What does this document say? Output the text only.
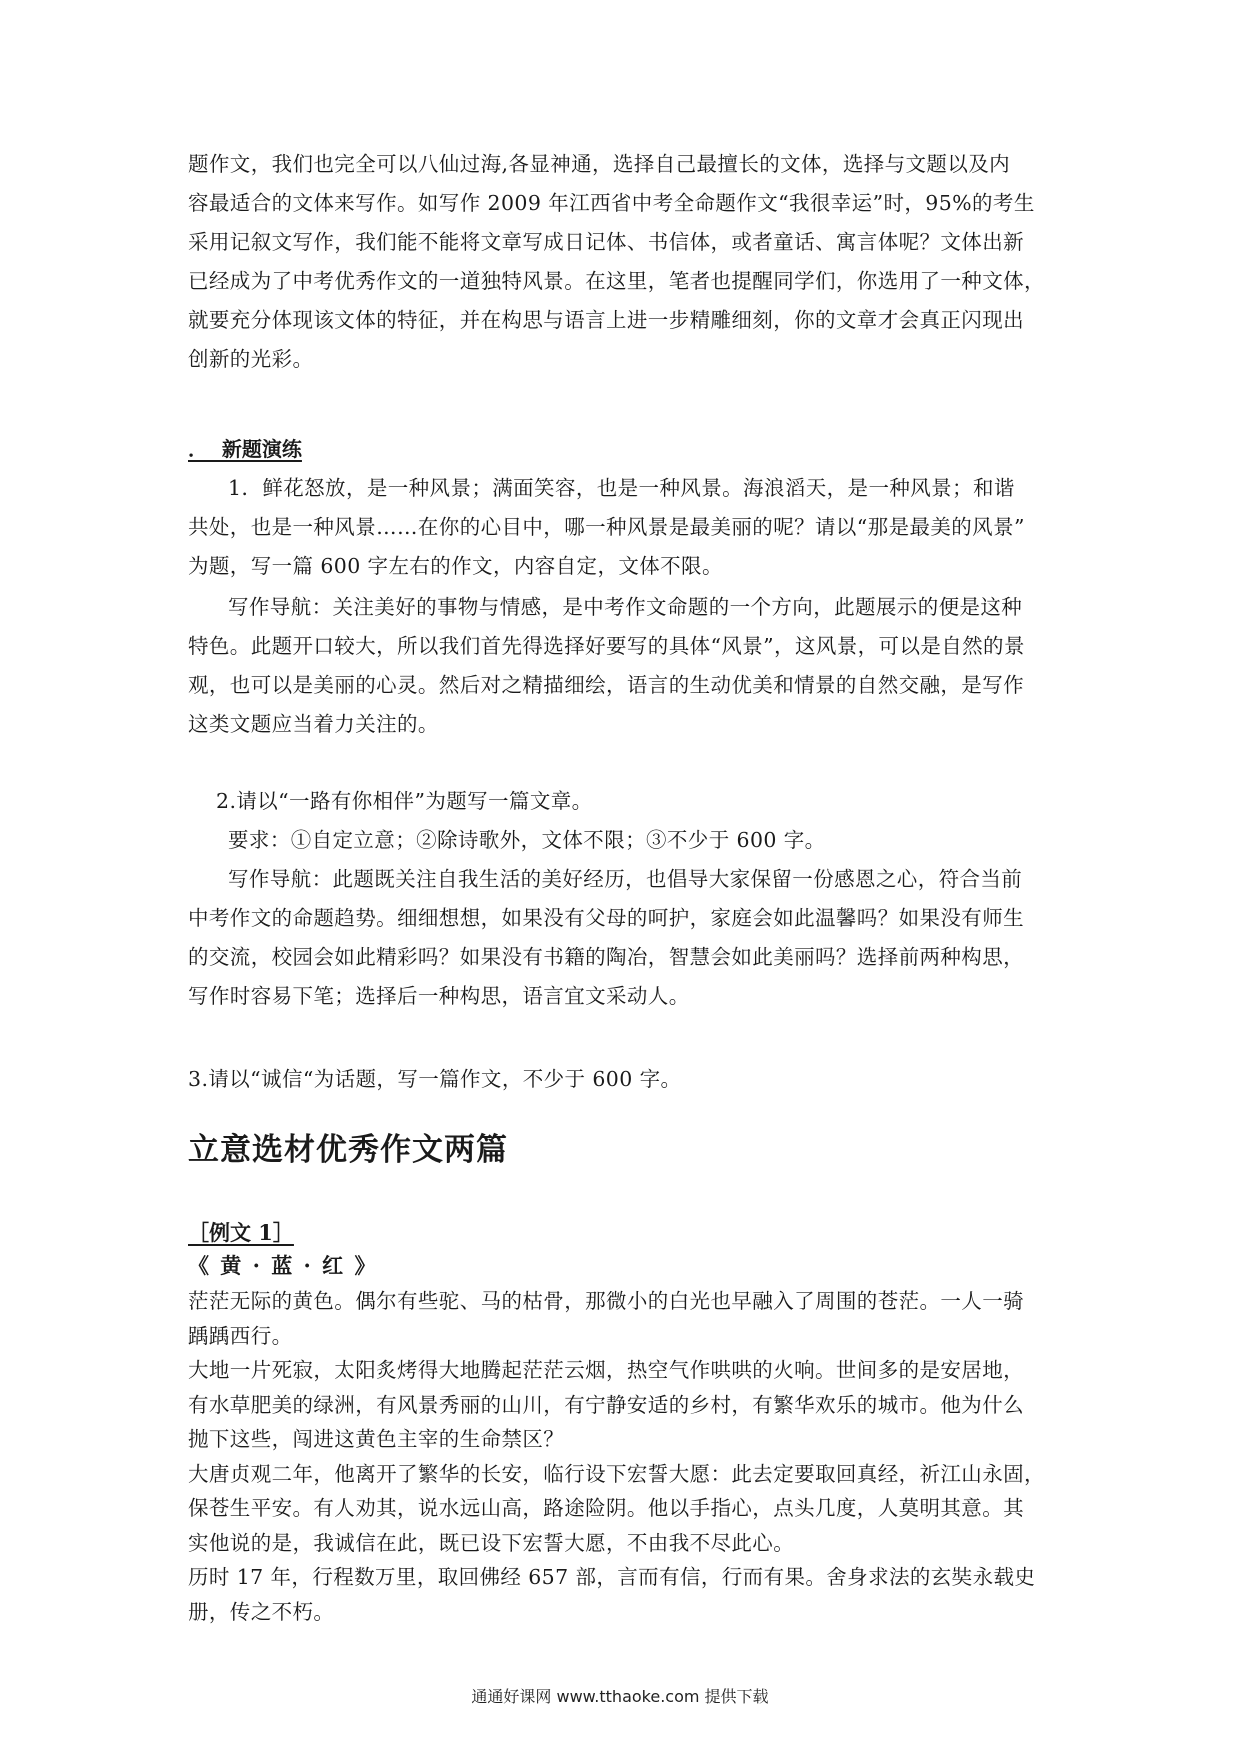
题作文，我们也完全可以八仙过海,各显神通，选择自己最擅长的文体，选择与文题以及内
容最适合的文体来写作。如写作 2009 年江西省中考全命题作文“我很幸运”时，95%的考生
采用记叙文写作，我们能不能将文章写成日记体、书信体，或者童话、寓言体呢？文体出新
已经成为了中考优秀作文的一道独特风景。在这里，笔者也提醒同学们，你选用了一种文体，
就要充分体现该文体的特征，并在构思与语言上进一步精雕细刻，你的文章才会真正闪现出
创新的光彩。

．  新题演练

1．鲜花怒放，是一种风景；满面笑容，也是一种风景。海浪滔天，是一种风景；和谐
共处，也是一种风景……在你的心目中，哪一种风景是最美丽的呢？请以“那是最美的风景”
为题，写一篇 600 字左右的作文，内容自定，文体不限。

写作导航：关注美好的事物与情感，是中考作文命题的一个方向，此题展示的便是这种
特色。此题开口较大，所以我们首先得选择好要写的具体“风景”，这风景，可以是自然的景
观，也可以是美丽的心灵。然后对之精描细绘，语言的生动优美和情景的自然交融，是写作
这类文题应当着力关注的。

2.请以“一路有你相伴”为题写一篇文章。
要求：①自定立意；②除诗歌外，文体不限；③不少于 600 字。
写作导航：此题既关注自我生活的美好经历，也倡导大家保留一份感恩之心，符合当前
中考作文的命题趋势。细细想想，如果没有父母的呵护，家庭会如此温馨吗？如果没有师生
的交流，校园会如此精彩吗？如果没有书籍的陶冶，智慧会如此美丽吗？选择前两种构思，
写作时容易下笔；选择后一种构思，语言宜文采动人。

3.请以“诚信“为话题，写一篇作文，不少于 600 字。

立意选材优秀作文两篇
［例文 1］
《 黄 · 蓝 · 红 》

茫茫无际的黄色。偶尔有些驼、马的枯骨，那微小的白光也早融入了周围的苍茫。一人一骑
踽踽西行。

大地一片死寂，太阳炙烤得大地腾起茫茫云烟，热空气作哄哄的火响。世间多的是安居地，
有水草肥美的绿洲，有风景秀丽的山川，有宁静安适的乡村，有繁华欢乐的城市。他为什么
抛下这些，闯进这黄色主宰的生命禁区？

大唐贞观二年，他离开了繁华的长安，临行设下宏誓大愿：此去定要取回真经，祈江山永固，
保苍生平安。有人劝其，说水远山高，路途险阴。他以手指心，点头几度，人莫明其意。其
实他说的是，我诚信在此，既已设下宏誓大愿，不由我不尽此心。

历时 17 年，行程数万里，取回佛经 657 部，言而有信，行而有果。舍身求法的玄奘永载史
册，传之不朽。

通通好课网 www.tthaoke.com 提供下载
